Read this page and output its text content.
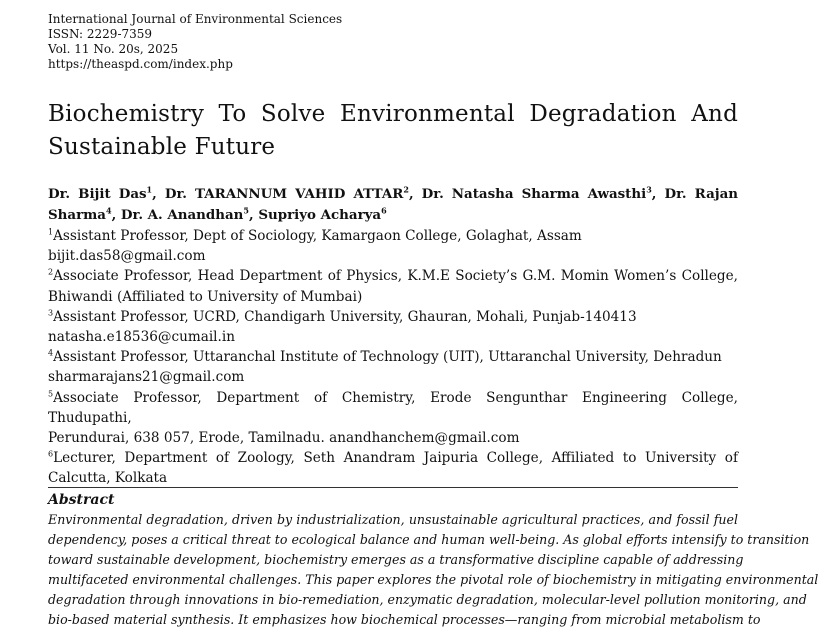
International Journal of Environmental Sciences
ISSN: 2229-7359
Vol. 11 No. 20s, 2025
https://theaspd.com/index.php
Biochemistry To Solve Environmental Degradation And
Sustainable Future
Dr. Bijit Das$^1$, Dr. TARANNUM VAHID ATTAR$^2$, Dr. Natasha Sharma Awasthi$^3$, Dr. Rajan
Sharma$^4$, Dr. A. Anandhan$^5$, Supriyo Acharya$^6$
$^1$Assistant Professor, Dept of Sociology, Kamargaon College, Golaghat, Assam
bijit.das58@gmail.com
$^2$Associate Professor, Head Department of Physics, K.M.E Society’s G.M. Momin Women’s College,
Bhiwandi (Affiliated to University of Mumbai)
$^3$Assistant Professor, UCRD, Chandigarh University, Ghauran, Mohali, Punjab-140413
natasha.e18536@cumail.in
$^4$Assistant Professor, Uttaranchal Institute of Technology (UIT), Uttaranchal University, Dehradun
sharmarajans21@gmail.com
$^5$Associate Professor, Department of Chemistry, Erode Sengunthar Engineering College, Thudupathi,
Perundurai, 638 057, Erode, Tamilnadu. anandhanchem@gmail.com
$^6$Lecturer, Department of Zoology, Seth Anandram Jaipuria College, Affiliated to University of
Calcutta, Kolkata
Abstract
Environmental degradation, driven by industrialization, unsustainable agricultural practices, and fossil fuel
dependency, poses a critical threat to ecological balance and human well-being. As global efforts intensify to transition
toward sustainable development, biochemistry emerges as a transformative discipline capable of addressing
multifaceted environmental challenges. This paper explores the pivotal role of biochemistry in mitigating environmental
degradation through innovations in bio-remediation, enzymatic degradation, molecular-level pollution monitoring, and
bio-based material synthesis. It emphasizes how biochemical processes—ranging from microbial metabolism to
